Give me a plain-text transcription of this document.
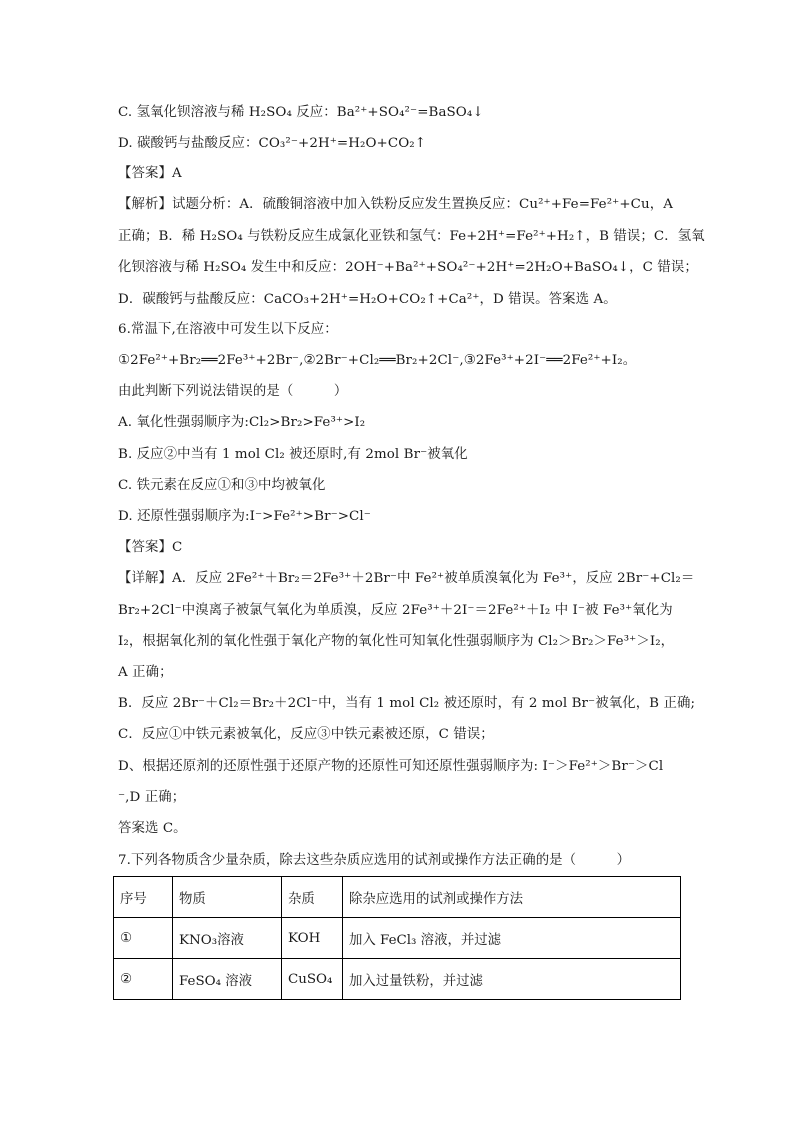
C. 氢氧化钡溶液与稀 H₂SO₄ 反应：Ba²⁺+SO₄²⁻=BaSO₄↓
D. 碳酸钙与盐酸反应：CO₃²⁻+2H⁺=H₂O+CO₂↑
【答案】A
【解析】试题分析：A．硫酸铜溶液中加入铁粉反应发生置换反应：Cu²⁺+Fe=Fe²⁺+Cu，A
正确；B．稀 H₂SO₄ 与铁粉反应生成氯化亚铁和氢气：Fe+2H⁺=Fe²⁺+H₂↑，B 错误；C．氢氧
化钡溶液与稀 H₂SO₄ 发生中和反应：2OH⁻+Ba²⁺+SO₄²⁻+2H⁺=2H₂O+BaSO₄↓，C 错误；
D．碳酸钙与盐酸反应：CaCO₃+2H⁺=H₂O+CO₂↑+Ca²⁺，D 错误。答案选 A。
6.常温下,在溶液中可发生以下反应：
①2Fe²⁺+Br₂══2Fe³⁺+2Br⁻,②2Br⁻+Cl₂══Br₂+2Cl⁻,③2Fe³⁺+2I⁻══2Fe²⁺+I₂。
由此判断下列说法错误的是（　　　）
A. 氧化性强弱顺序为:Cl₂>Br₂>Fe³⁺>I₂
B. 反应②中当有 1 mol Cl₂ 被还原时,有 2mol Br⁻被氧化
C. 铁元素在反应①和③中均被氧化
D. 还原性强弱顺序为:I⁻>Fe²⁺>Br⁻>Cl⁻
【答案】C
【详解】A．反应 2Fe²⁺＋Br₂＝2Fe³⁺＋2Br⁻中 Fe²⁺被单质溴氧化为 Fe³⁺，反应 2Br⁻+Cl₂＝
Br₂+2Cl⁻中溴离子被氯气氧化为单质溴，反应 2Fe³⁺＋2I⁻＝2Fe²⁺＋I₂ 中 I⁻被 Fe³⁺氧化为
I₂，根据氧化剂的氧化性强于氧化产物的氧化性可知氧化性强弱顺序为 Cl₂＞Br₂＞Fe³⁺＞I₂，
A 正确；
B．反应 2Br⁻＋Cl₂＝Br₂＋2Cl⁻中，当有 1 mol Cl₂ 被还原时，有 2 mol Br⁻被氧化，B 正确;
C．反应①中铁元素被氧化，反应③中铁元素被还原，C 错误；
D、根据还原剂的还原性强于还原产物的还原性可知还原性强弱顺序为: I⁻＞Fe²⁺＞Br⁻＞Cl
⁻,D 正确；
答案选 C。
7.下列各物质含少量杂质，除去这些杂质应选用的试剂或操作方法正确的是（　　　）
序号	物质	杂质	除杂应选用的试剂或操作方法
①	KNO₃溶液	KOH	加入 FeCl₃ 溶液，并过滤
②	FeSO₄ 溶液	CuSO₄	加入过量铁粉，并过滤
